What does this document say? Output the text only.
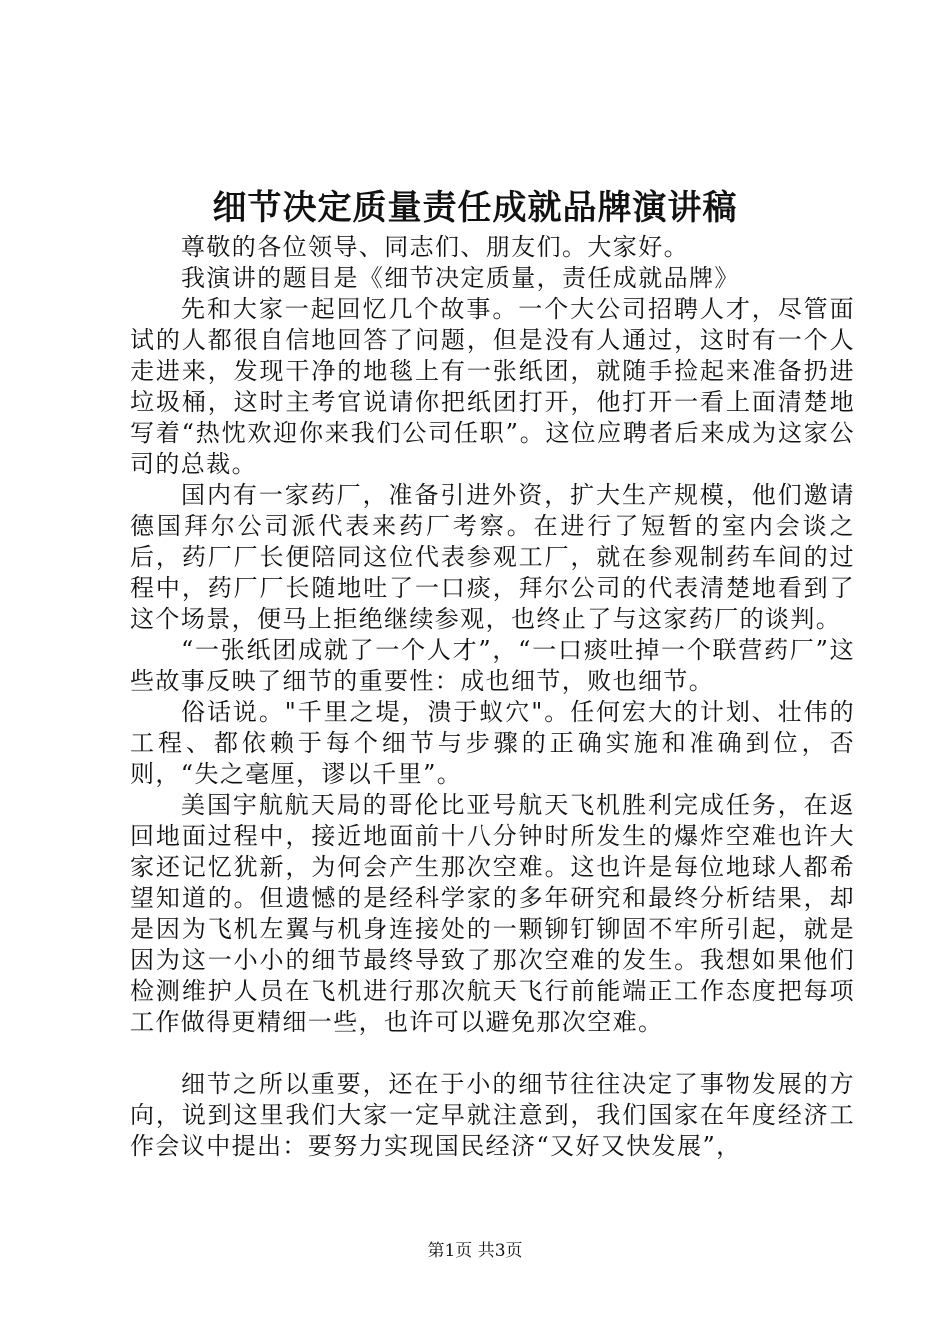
细节决定质量责任成就品牌演讲稿

尊敬的各位领导、同志们、朋友们。大家好。

我演讲的题目是《细节决定质量，责任成就品牌》

先和大家一起回忆几个故事。一个大公司招聘人才，尽管面试的人都很自信地回答了问题，但是没有人通过，这时有一个人走进来，发现干净的地毯上有一张纸团，就随手捡起来准备扔进垃圾桶，这时主考官说请你把纸团打开，他打开一看上面清楚地写着“热忱欢迎你来我们公司任职”。这位应聘者后来成为这家公司的总裁。

国内有一家药厂，准备引进外资，扩大生产规模，他们邀请德国拜尔公司派代表来药厂考察。在进行了短暂的室内会谈之后，药厂厂长便陪同这位代表参观工厂，就在参观制药车间的过程中，药厂厂长随地吐了一口痰，拜尔公司的代表清楚地看到了这个场景，便马上拒绝继续参观，也终止了与这家药厂的谈判。

“一张纸团成就了一个人才”，“一口痰吐掉一个联营药厂”这些故事反映了细节的重要性：成也细节，败也细节。

俗话说。"千里之堤，溃于蚁穴"。任何宏大的计划、壮伟的工程、都依赖于每个细节与步骤的正确实施和准确到位，否则，“失之毫厘，谬以千里”。

美国宇航航天局的哥伦比亚号航天飞机胜利完成任务，在返回地面过程中，接近地面前十八分钟时所发生的爆炸空难也许大家还记忆犹新，为何会产生那次空难。这也许是每位地球人都希望知道的。但遗憾的是经科学家的多年研究和最终分析结果，却是因为飞机左翼与机身连接处的一颗铆钉铆固不牢所引起，就是因为这一小小的细节最终导致了那次空难的发生。我想如果他们检测维护人员在飞机进行那次航天飞行前能端正工作态度把每项工作做得更精细一些，也许可以避免那次空难。

细节之所以重要，还在于小的细节往往决定了事物发展的方向，说到这里我们大家一定早就注意到，我们国家在年度经济工作会议中提出：要努力实现国民经济“又好又快发展”，

第1页 共3页
